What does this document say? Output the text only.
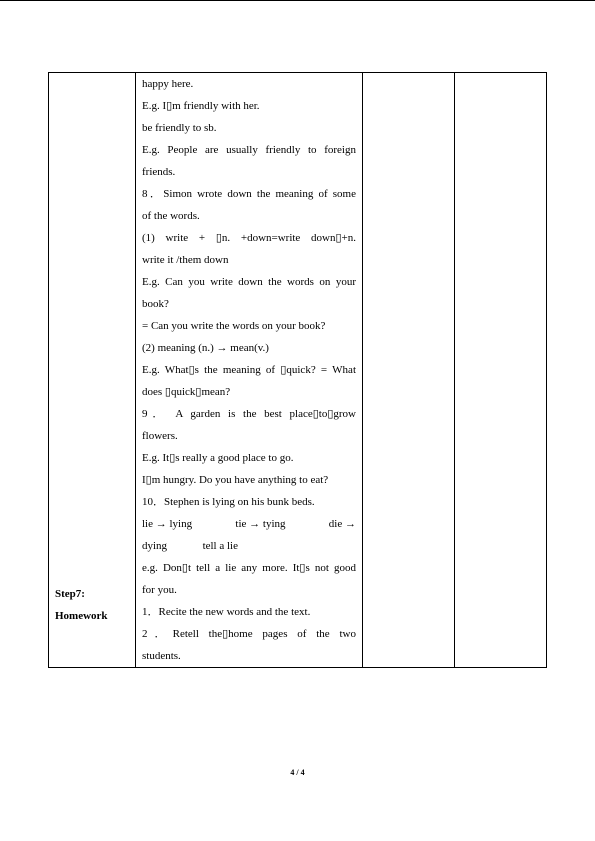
Step7:
Homework

happy here.

E.g. I▯m friendly with her.

be friendly to sb.

E.g. People are usually friendly to foreign

friends.

8．Simon wrote down the meaning of some

of the words.

(1) write + ▯n. +down=write down▯+n.

write it /them down

E.g. Can you write down the words on your

book?

= Can you write the words on your book?

(2) meaning (n.) → mean(v.)

E.g. What▯s the meaning of ▯quick? = What

does ▯quick▯mean?

9． A garden is the best place▯to▯grow

flowers.

E.g. It▯s really a good place to go.

I▯m hungry. Do you have anything to eat?

10．Stephen is lying on his bunk beds.

lie → lying	tie → tying	die →

dying	tell a lie

e.g. Don▯t tell a lie any more. It▯s not good

for you.

1．Recite the new words and the text.

2．Retell the▯home pages of the two

students.

4 / 4
